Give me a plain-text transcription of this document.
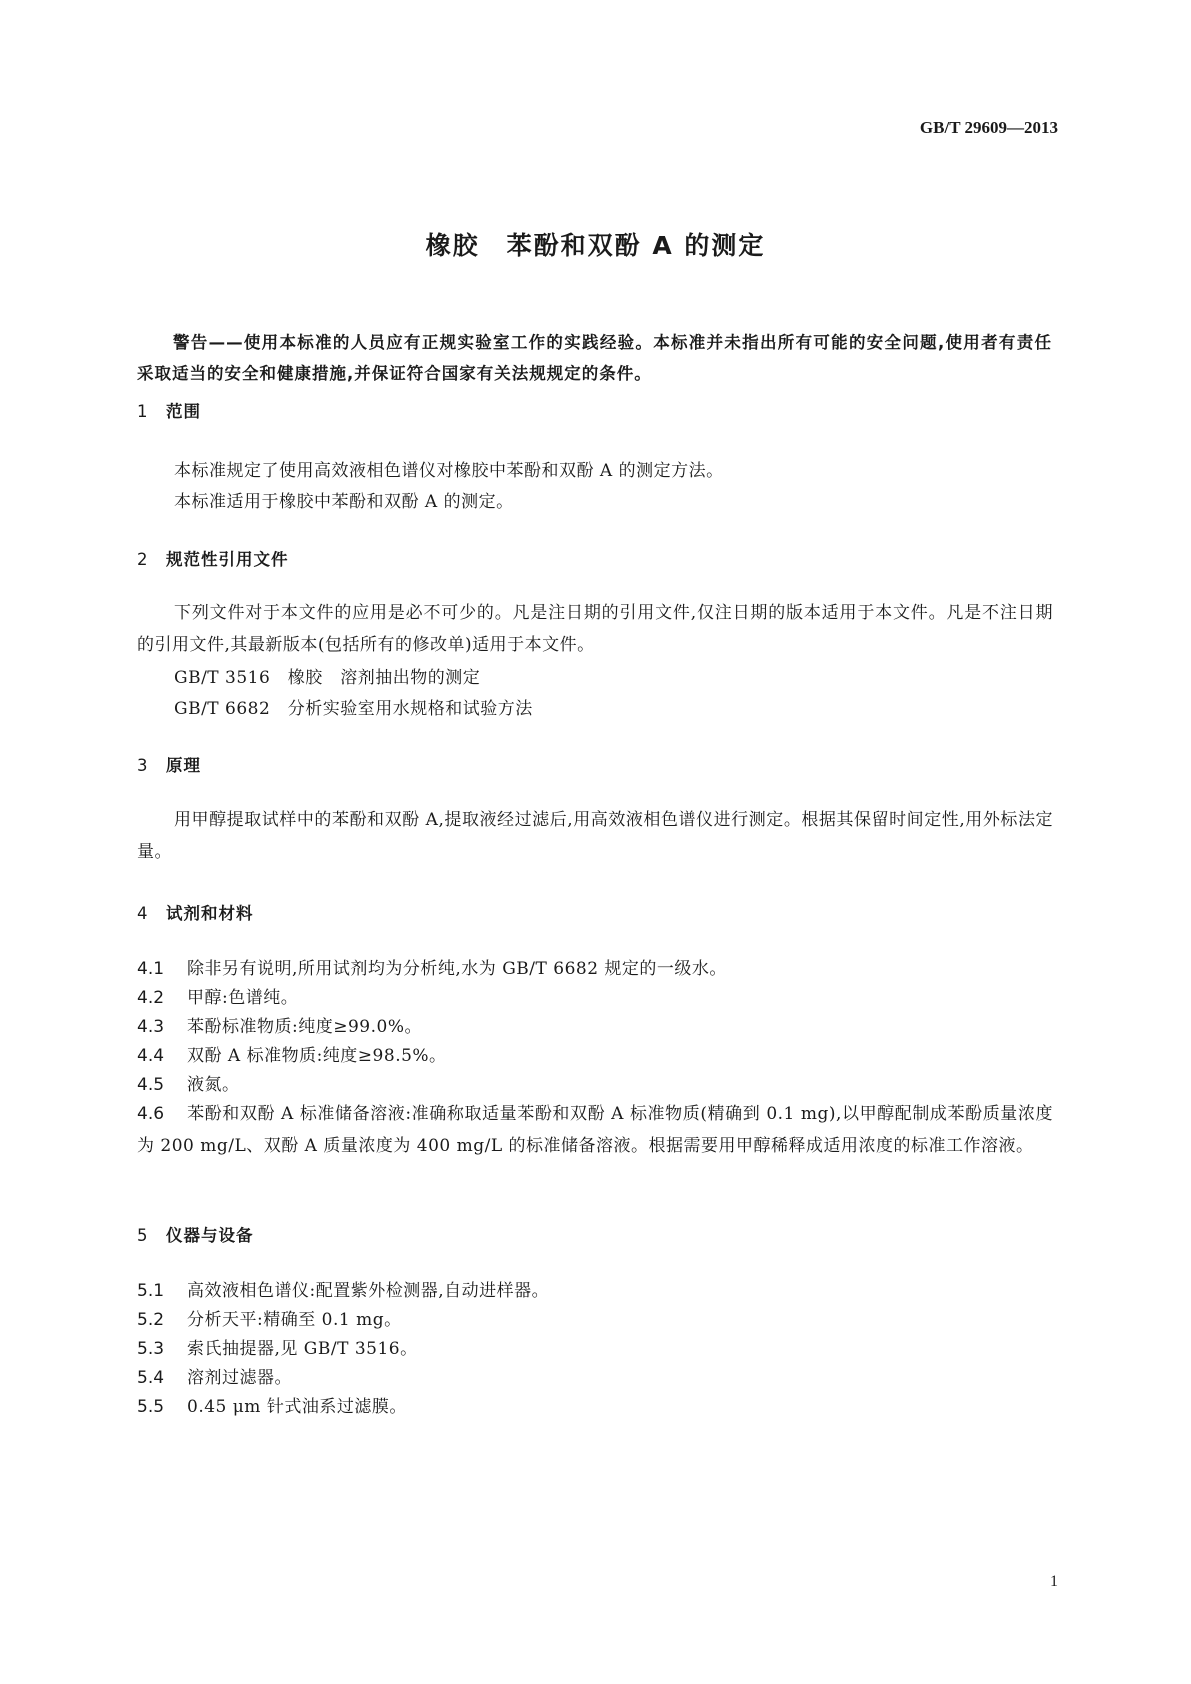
GB/T 29609—2013
橡胶　苯酚和双酚 A 的测定

警告——使用本标准的人员应有正规实验室工作的实践经验。本标准并未指出所有可能的安全问题,使用者有责任采取适当的安全和健康措施,并保证符合国家有关法规规定的条件。

1 范围
本标准规定了使用高效液相色谱仪对橡胶中苯酚和双酚 A 的测定方法。
本标准适用于橡胶中苯酚和双酚 A 的测定。
2 规范性引用文件

下列文件对于本文件的应用是必不可少的。凡是注日期的引用文件,仅注日期的版本适用于本文件。凡是不注日期的引用文件,其最新版本(包括所有的修改单)适用于本文件。

GB/T 3516　橡胶　溶剂抽出物的测定
GB/T 6682　分析实验室用水规格和试验方法
3 原理

用甲醇提取试样中的苯酚和双酚 A,提取液经过滤后,用高效液相色谱仪进行测定。根据其保留时间定性,用外标法定量。

4 试剂和材料

4.1 除非另有说明,所用试剂均为分析纯,水为 GB/T 6682 规定的一级水。

4.2 甲醇:色谱纯。

4.3 苯酚标准物质:纯度≥99.0%。

4.4 双酚 A 标准物质:纯度≥98.5%。

4.5 液氮。

4.6 苯酚和双酚 A 标准储备溶液:准确称取适量苯酚和双酚 A 标准物质(精确到 0.1 mg),以甲醇配制成苯酚质量浓度为 200 mg/L、双酚 A 质量浓度为 400 mg/L 的标准储备溶液。根据需要用甲醇稀释成适用浓度的标准工作溶液。

5 仪器与设备

5.1 高效液相色谱仪:配置紫外检测器,自动进样器。

5.2 分析天平:精确至 0.1 mg。

5.3 索氏抽提器,见 GB/T 3516。

5.4 溶剂过滤器。

5.5 0.45 μm 针式油系过滤膜。

1
